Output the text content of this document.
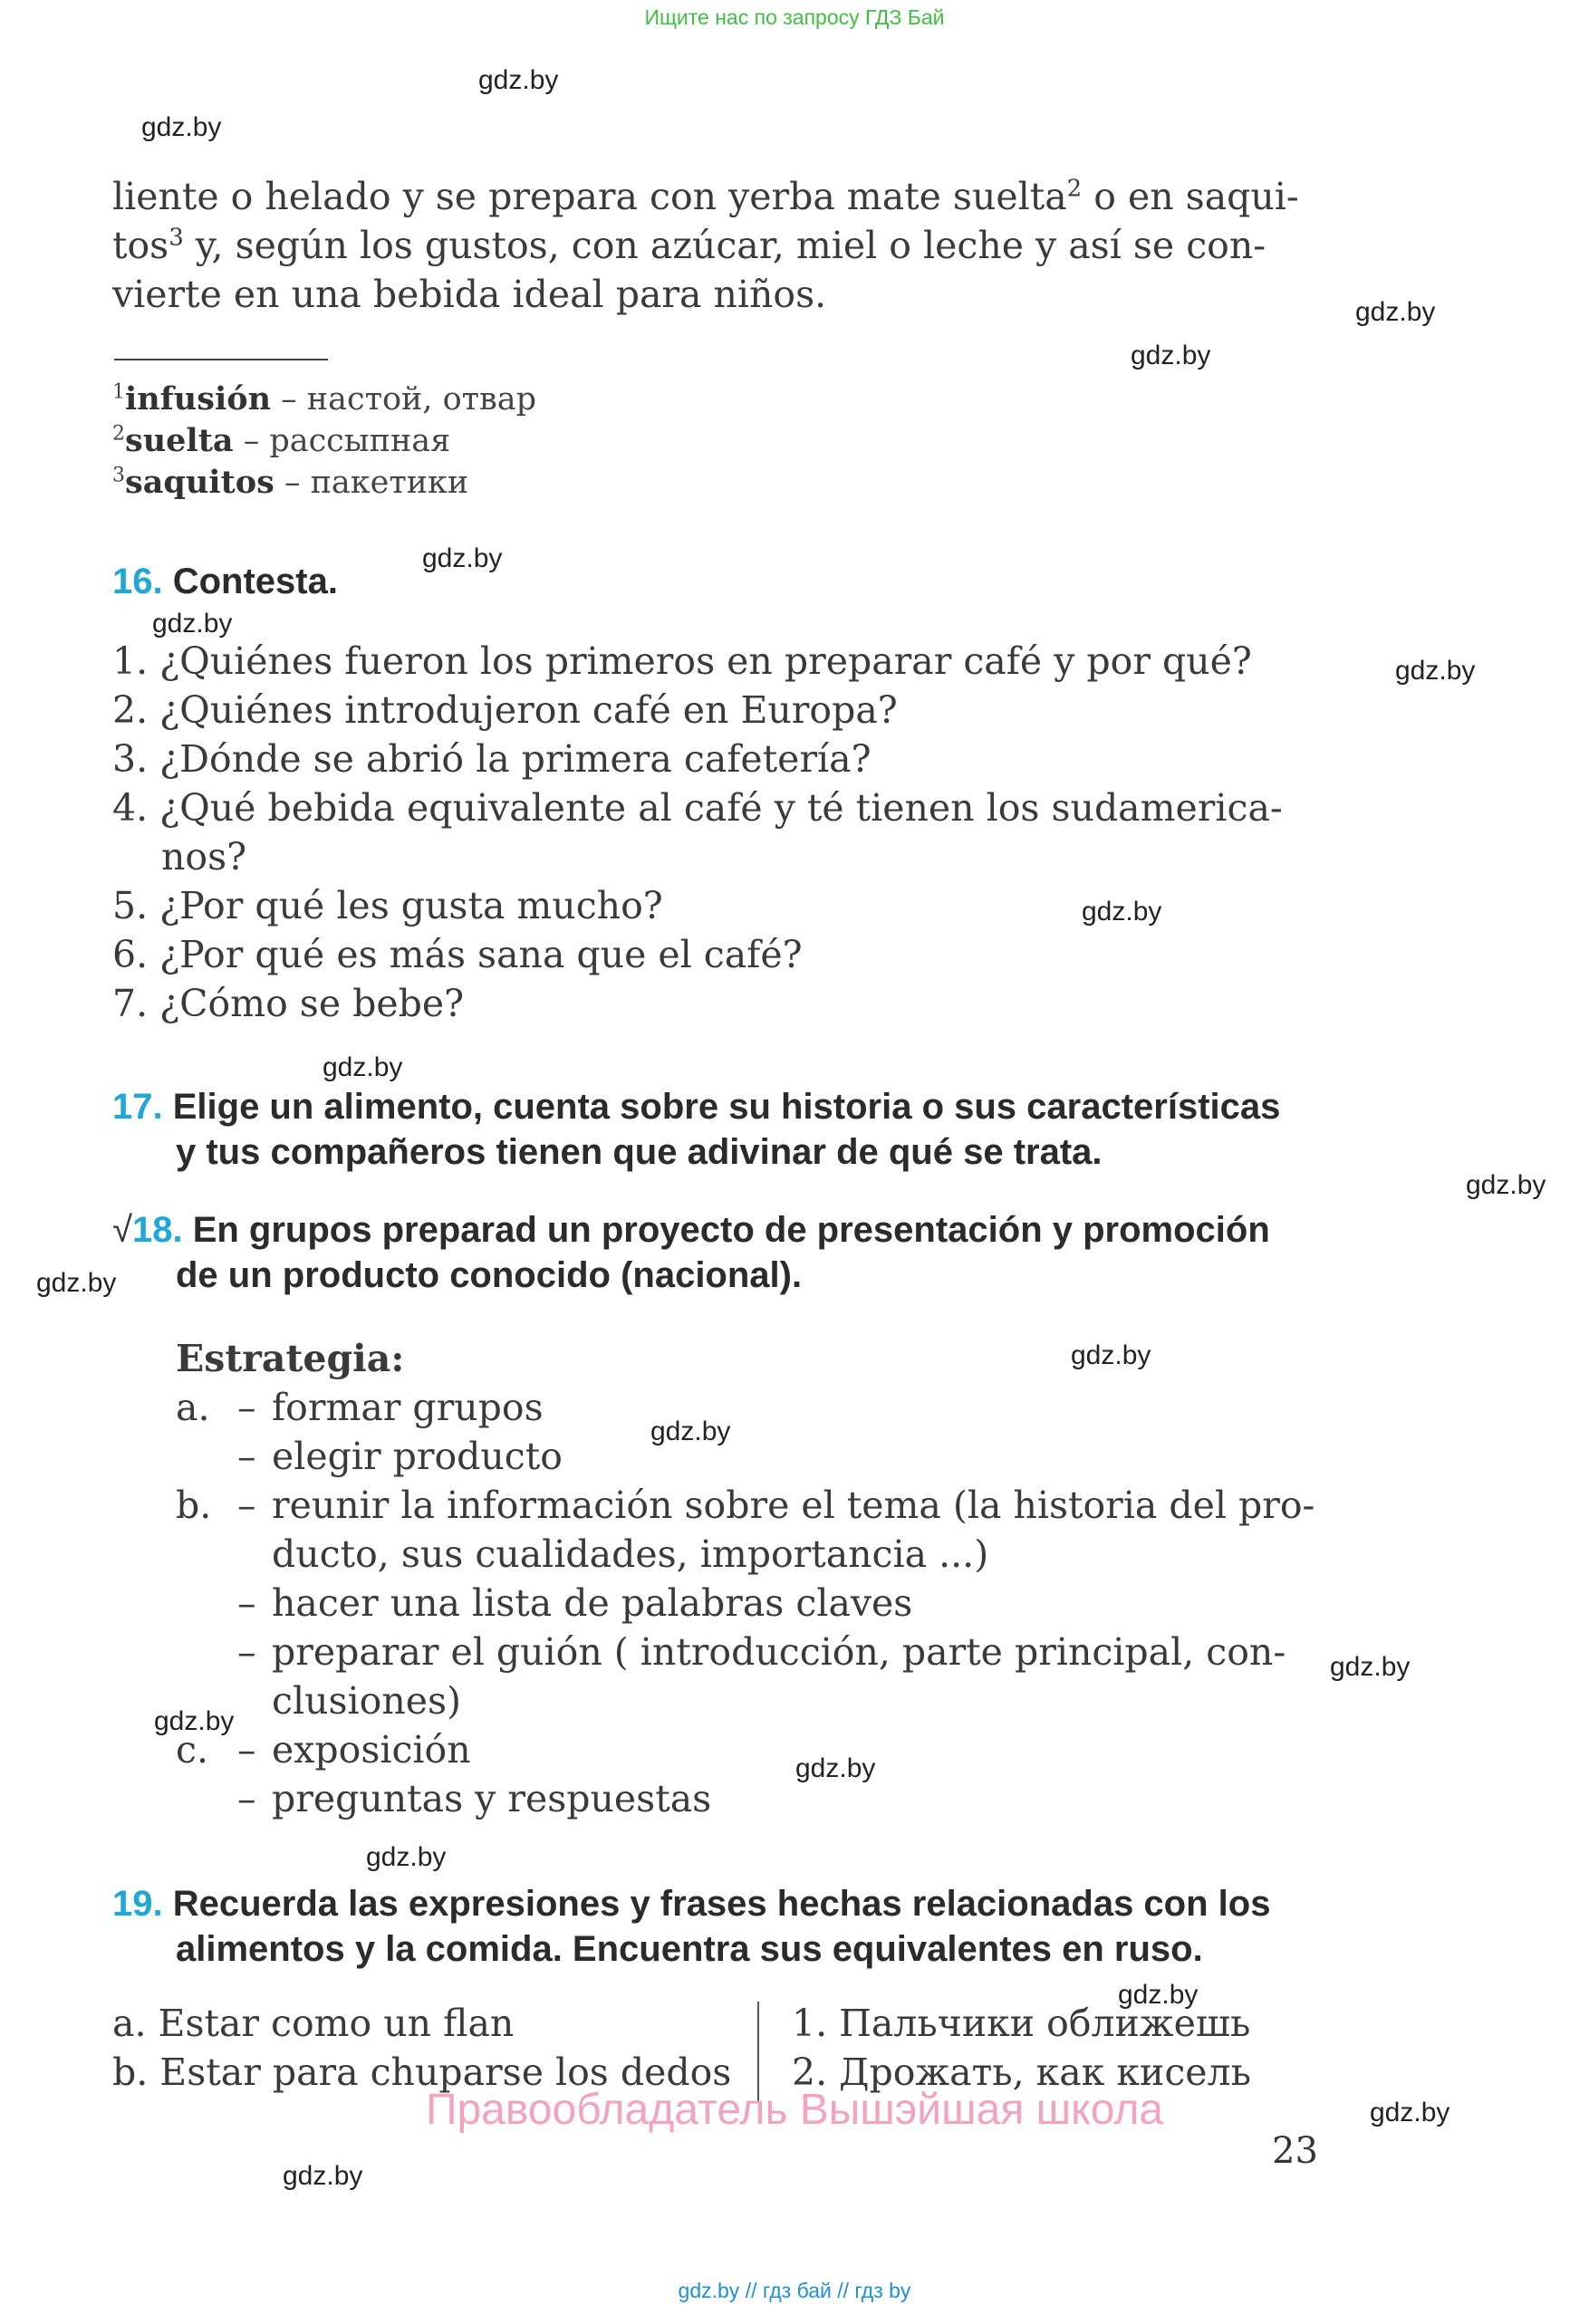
Ищите нас по запросу ГДЗ Бай
gdz.by
gdz.by
gdz.by
gdz.by
gdz.by
gdz.by
gdz.by
gdz.by
gdz.by
gdz.by
gdz.by
gdz.by
gdz.by
gdz.by
gdz.by
gdz.by
gdz.by
gdz.by
gdz.by
gdz.by
liente o helado y se prepara con yerba mate suelta$^2$ o en saqui-
tos$^3$ y, según los gustos, con azúcar, miel o leche y así se con-
vierte en una bebida ideal para niños.
$^1$infusión – настой, отвар
$^2$suelta – рассыпная
$^3$saquitos – пакетики
16. Contesta.
1. ¿Quiénes fueron los primeros en preparar café y por qué?
2. ¿Quiénes introdujeron café en Europa?
3. ¿Dónde se abrió la primera cafetería?
4. ¿Qué bebida equivalente al café y té tienen los sudamerica-
nos?
5. ¿Por qué les gusta mucho?
6. ¿Por qué es más sana que el café?
7. ¿Cómo se bebe?
17. Elige un alimento, cuenta sobre su historia o sus características
y tus compañeros tienen que adivinar de qué se trata.
√18. En grupos preparad un proyecto de presentación y promoción
de un producto conocido (nacional).
Estrategia:
a. – formar grupos
– elegir producto
b. – reunir la información sobre el tema (la historia del pro-
ducto, sus cualidades, importancia ...)
– hacer una lista de palabras claves
– preparar el guión ( introducción, parte principal, con-
clusiones)
c. – exposición
– preguntas y respuestas
19. Recuerda las expresiones y frases hechas relacionadas con los
alimentos y la comida. Encuentra sus equivalentes en ruso.
a. Estar como un flan
b. Estar para chuparse los dedos
1. Пальчики оближешь
2. Дрожать, как кисель
Правообладатель Вышэйшая школа
23
gdz.by // гдз бай // гдз by
